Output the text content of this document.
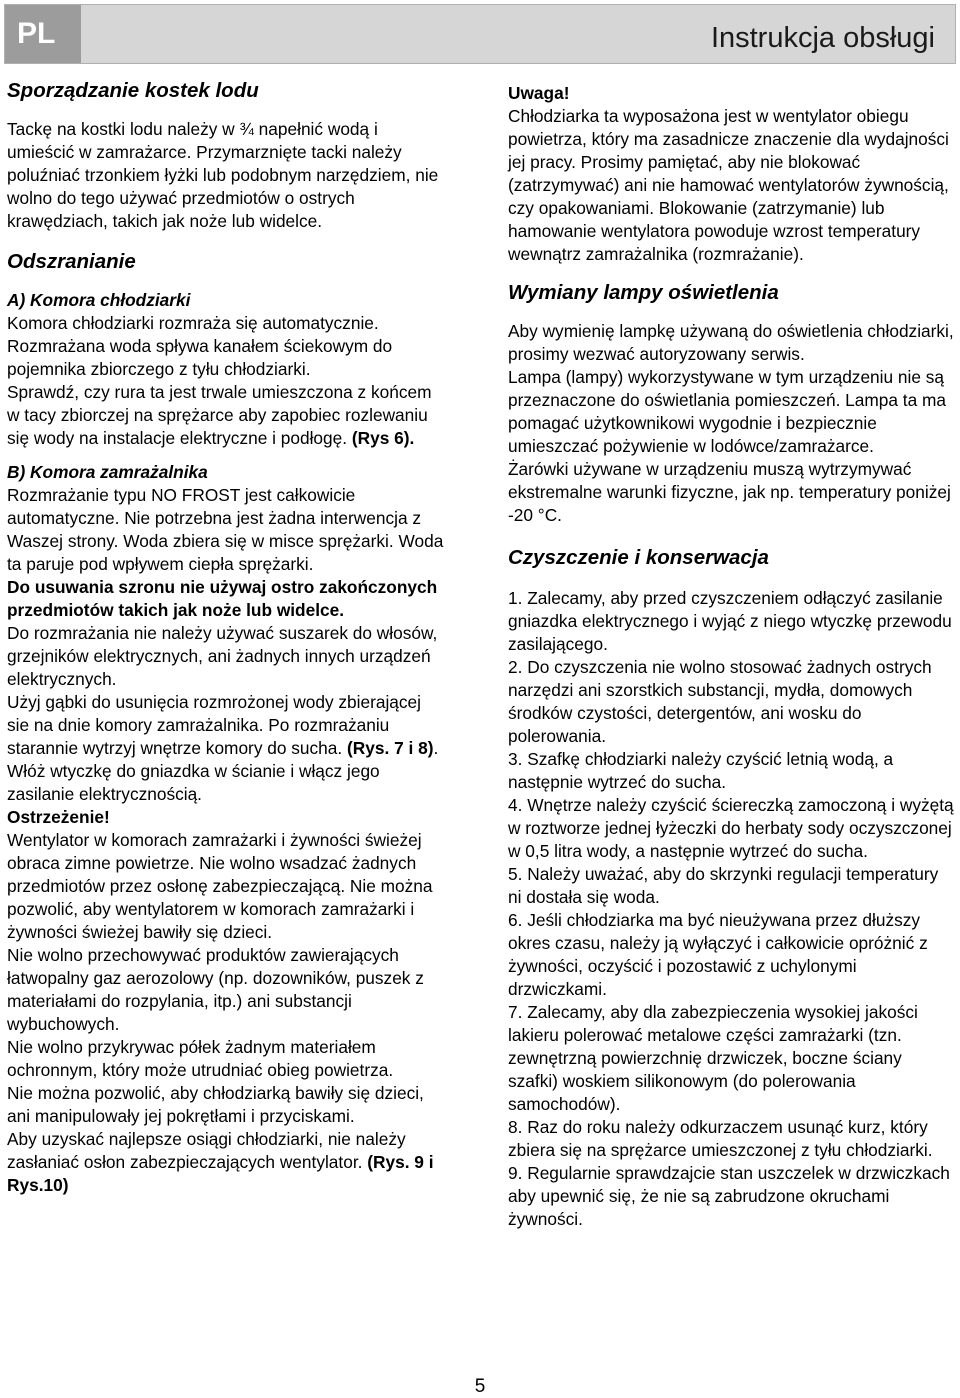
PL	Instrukcja obsługi
Sporządzanie kostek lodu

Tackę na kostki lodu należy w ¾ napełnić wodą i umieścić w zamrażarce. Przymarznięte tacki należy poluźniać trzonkiem łyżki lub podobnym narzędziem, nie wolno do tego używać przedmiotów o ostrych krawędziach, takich jak noże lub widelce.

Odszranianie
A) Komora chłodziarki

Komora chłodziarki rozmraża się automatycznie.

Rozmrażana woda spływa kanałem ściekowym do pojemnika zbiorczego z tyłu chłodziarki.

Sprawdź, czy rura ta jest trwale umieszczona z końcem w tacy zbiorczej na sprężarce aby zapobiec rozlewaniu się wody na instalacje elektryczne i podłogę. (Rys 6).

B) Komora zamrażalnika

Rozmrażanie typu NO FROST jest całkowicie automatyczne. Nie potrzebna jest żadna interwencja z Waszej strony. Woda zbiera się w misce sprężarki. Woda ta paruje pod wpływem ciepła sprężarki.

Do usuwania szronu nie używaj ostro zakończonych przedmiotów takich jak noże lub widelce.

Do rozmrażania nie należy używać suszarek do włosów, grzejników elektrycznych, ani żadnych innych urządzeń elektrycznych.

Użyj gąbki do usunięcia rozmrożonej wody zbierającej sie na dnie komory zamrażalnika. Po rozmrażaniu starannie wytrzyj wnętrze komory do sucha. (Rys. 7 i 8). Włóż wtyczkę do gniazdka w ścianie i włącz jego zasilanie elektrycznością.

Ostrzeżenie!

Wentylator w komorach zamrażarki i żywności świeżej obraca zimne powietrze. Nie wolno wsadzać żadnych przedmiotów przez osłonę zabezpieczającą. Nie można pozwolić, aby wentylatorem w komorach zamrażarki i żywności świeżej bawiły się dzieci.

Nie wolno przechowywać produktów zawierających łatwopalny gaz aerozolowy (np. dozowników, puszek z materiałami do rozpylania, itp.) ani substancji wybuchowych.

Nie wolno przykrywac półek żadnym materiałem ochronnym, który może utrudniać obieg powietrza.

Nie można pozwolić, aby chłodziarką bawiły się dzieci, ani manipulowały jej pokrętłami i przyciskami.

Aby uzyskać najlepsze osiągi chłodziarki, nie należy zasłaniać osłon zabezpieczających wentylator. (Rys. 9 i Rys.10)

Uwaga!

Chłodziarka ta wyposażona jest w wentylator obiegu powietrza, który ma zasadnicze znaczenie dla wydajności jej pracy. Prosimy pamiętać, aby nie blokować (zatrzymywać) ani nie hamować wentylatorów żywnością, czy opakowaniami. Blokowanie (zatrzymanie) lub hamowanie wentylatora powoduje wzrost temperatury wewnątrz zamrażalnika (rozmrażanie).

Wymiany lampy oświetlenia

Aby wymienię lampkę używaną do oświetlenia chłodziarki, prosimy wezwać autoryzowany serwis.

Lampa (lampy) wykorzystywane w tym urządzeniu nie są przeznaczone do oświetlania pomieszczeń. Lampa ta ma pomagać użytkownikowi wygodnie i bezpiecznie umieszczać pożywienie w lodówce/zamrażarce.

Żarówki używane w urządzeniu muszą wytrzymywać ekstremalne warunki fizyczne, jak np. temperatury poniżej -20 °C.

Czyszczenie i konserwacja

1. Zalecamy, aby przed czyszczeniem odłączyć zasilanie gniazdka elektrycznego i wyjąć z niego wtyczkę przewodu zasilającego.

2. Do czyszczenia nie wolno stosować żadnych ostrych narzędzi ani szorstkich substancji, mydła, domowych środków czystości, detergentów, ani wosku do polerowania.

3. Szafkę chłodziarki należy czyścić letnią wodą, a następnie wytrzeć do sucha.

4. Wnętrze należy czyścić ściereczką zamoczoną i wyżętą w roztworze jednej łyżeczki do herbaty sody oczyszczonej w 0,5 litra wody, a następnie wytrzeć do sucha.

5. Należy uważać, aby do skrzynki regulacji temperatury ni dostała się woda.

6. Jeśli chłodziarka ma być nieużywana przez dłuższy okres czasu, należy ją wyłączyć i całkowicie opróżnić z żywności, oczyścić i pozostawić z uchylonymi drzwiczkami.

7. Zalecamy, aby dla zabezpieczenia wysokiej jakości lakieru polerować metalowe części zamrażarki (tzn. zewnętrzną powierzchnię drzwiczek, boczne ściany szafki) woskiem silikonowym (do polerowania samochodów).

8. Raz do roku należy odkurzaczem usunąć kurz, który zbiera się na sprężarce umieszczonej z tyłu chłodziarki.

9. Regularnie sprawdzajcie stan uszczelek w drzwiczkach aby upewnić się, że nie są zabrudzone okruchami żywności.

5
